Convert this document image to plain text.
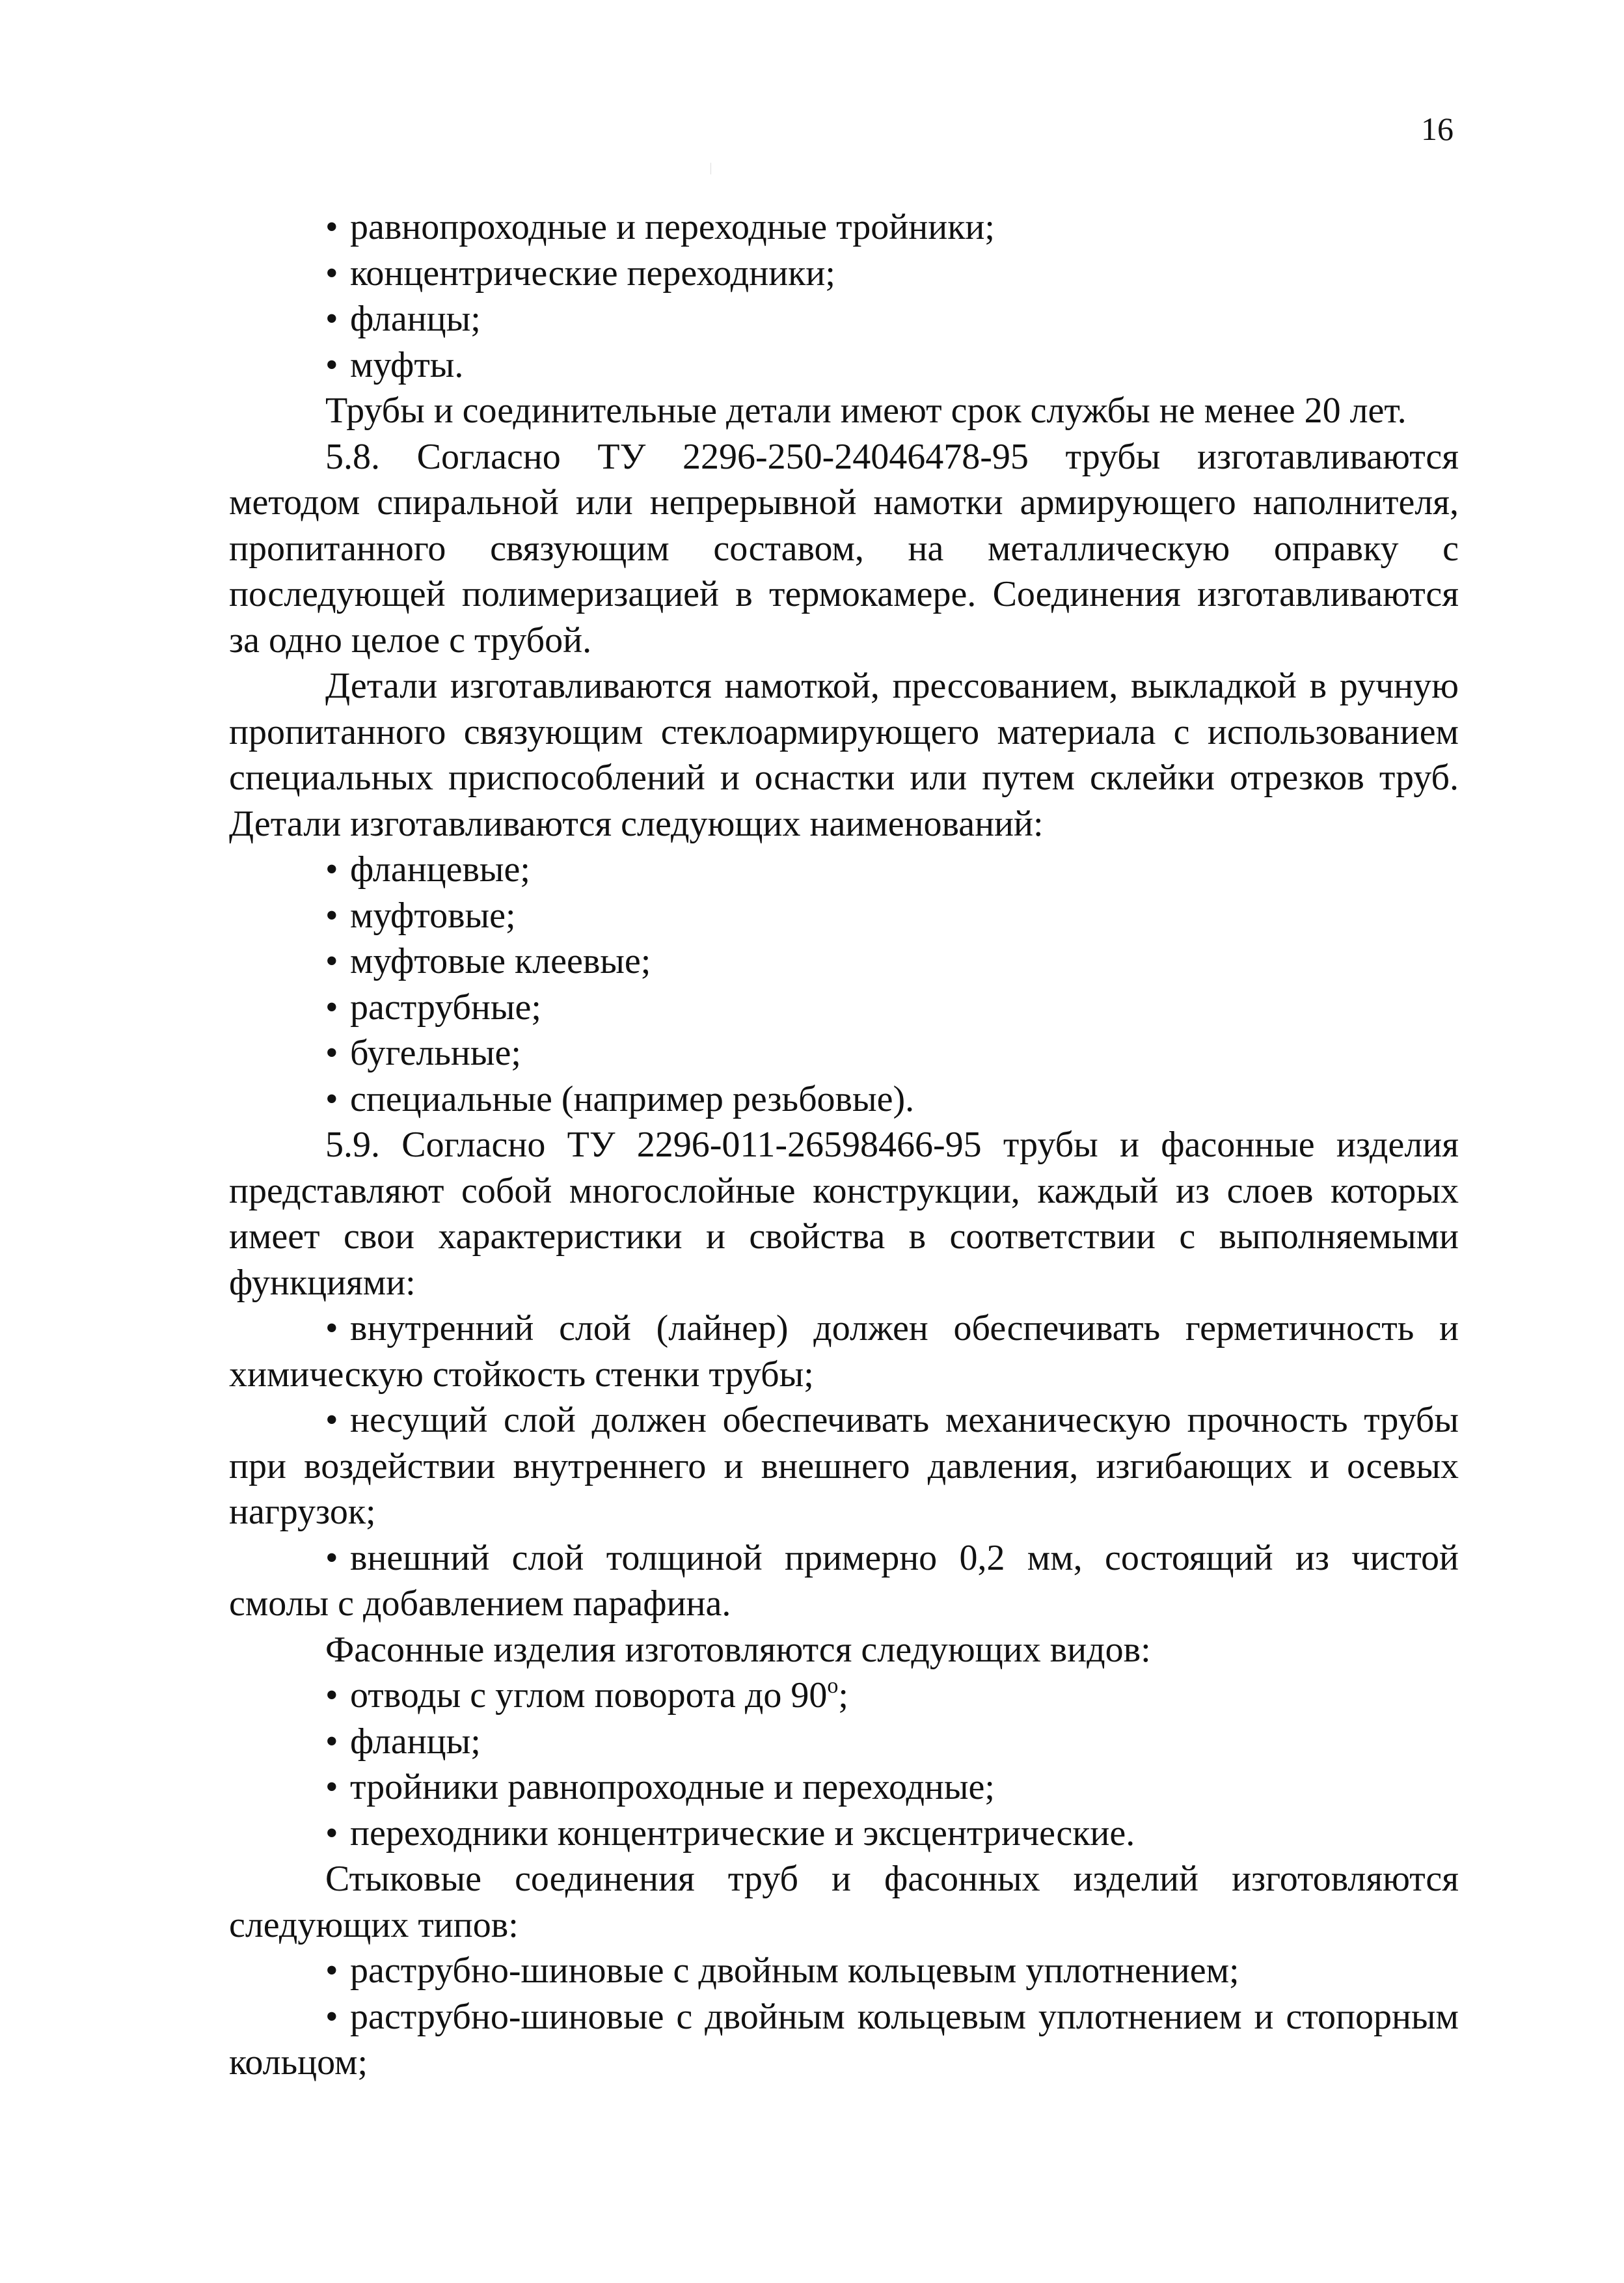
16

• равнопроходные и переходные тройники;

• концентрические переходники;

• фланцы;

• муфты.

Трубы и соединительные детали имеют срок службы не менее 20 лет.

5.8. Согласно ТУ 2296-250-24046478-95 трубы изготавливаются методом спиральной или непрерывной намотки армирующего наполнителя, пропитанного связующим составом, на металлическую оправку с последующей полимеризацией в термокамере. Соединения изготавливаются за одно целое с трубой.

Детали изготавливаются намоткой, прессованием, выкладкой в ручную пропитанного связующим стеклоармирующего материала с использованием специальных приспособлений и оснастки или путем склейки отрезков труб. Детали изготавливаются следующих наименований:

• фланцевые;

• муфтовые;

• муфтовые клеевые;

• раструбные;

• бугельные;

• специальные (например резьбовые).

5.9. Согласно ТУ 2296-011-26598466-95 трубы и фасонные изделия представляют собой многослойные конструкции, каждый из слоев которых имеет свои характеристики и свойства в соответствии с выполняемыми функциями:

• внутренний слой (лайнер) должен обеспечивать герметичность и химическую стойкость стенки трубы;

• несущий слой должен обеспечивать механическую прочность трубы при воздействии внутреннего и внешнего давления, изгибающих и осевых нагрузок;

• внешний слой толщиной примерно 0,2 мм, состоящий из чистой смолы с добавлением парафина.

Фасонные изделия изготовляются следующих видов:

• отводы с углом поворота до $90^о$;

• фланцы;

• тройники равнопроходные и переходные;

• переходники концентрические и эксцентрические.

Стыковые соединения труб и фасонных изделий изготовляются следующих типов:

• раструбно-шиновые с двойным кольцевым уплотнением;

• раструбно-шиновые с двойным кольцевым уплотнением и стопорным кольцом;
